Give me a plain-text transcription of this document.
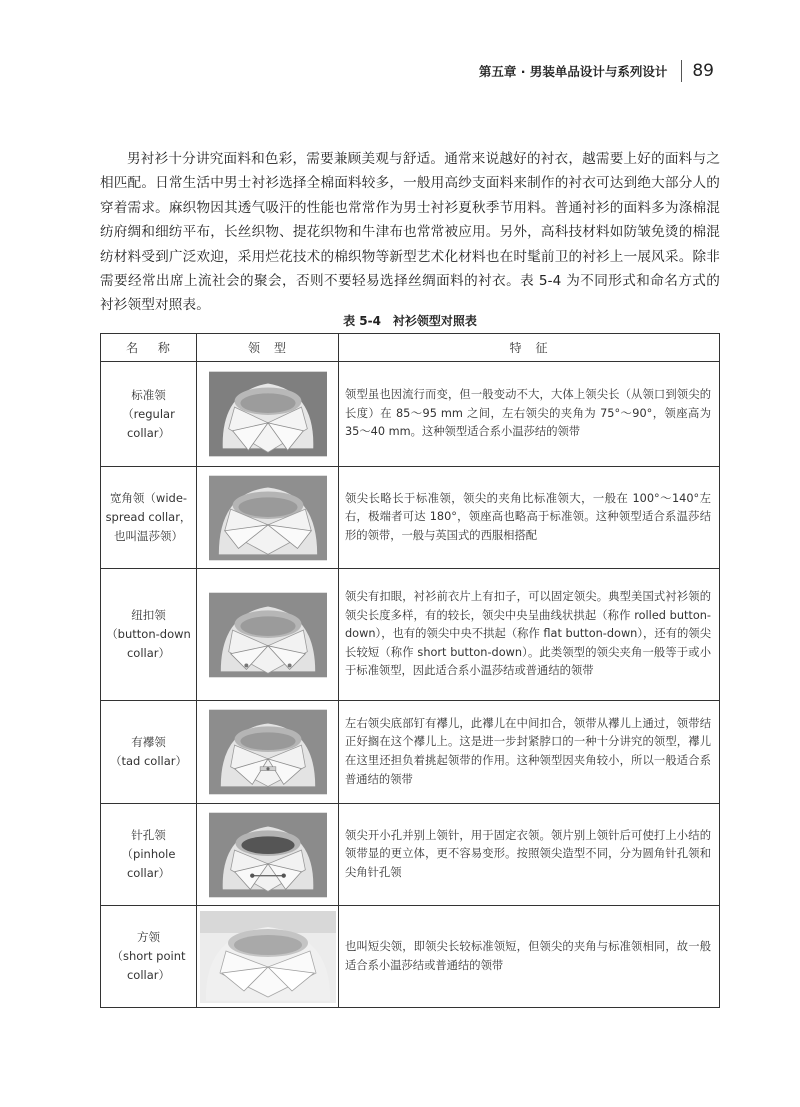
第五章 · 男装单品设计与系列设计 89

男衬衫十分讲究面料和色彩，需要兼顾美观与舒适。通常来说越好的衬衣，越需要上好的面料与之相匹配。日常生活中男士衬衫选择全棉面料较多，一般用高纱支面料来制作的衬衣可达到绝大部分人的穿着需求。麻织物因其透气吸汗的性能也常常作为男士衬衫夏秋季节用料。普通衬衫的面料多为涤棉混纺府绸和细纺平布，长丝织物、提花织物和牛津布也常常被应用。另外，高科技材料如防皱免烫的棉混纺材料受到广泛欢迎，采用烂花技术的棉织物等新型艺术化材料也在时髦前卫的衬衫上一展风采。除非需要经常出席上流社会的聚会，否则不要轻易选择丝绸面料的衬衣。表 5-4 为不同形式和命名方式的衬衫领型对照表。

表 5-4　衬衫领型对照表
名 称	领　型	特　征

标准领
（regular collar）		领型虽也因流行而变，但一般变动不大，大体上领尖长（从领口到领尖的长度）在 85～95 mm 之间，左右领尖的夹角为 75°～90°，领座高为 35～40 mm。这种领型适合系小温莎结的领带

宽角领（wide-spread collar，
也叫温莎领）		领尖长略长于标准领，领尖的夹角比标准领大，一般在 100°～140°左右，极端者可达 180°，领座高也略高于标准领。这种领型适合系温莎结形的领带，一般与英国式的西服相搭配

纽扣领
（button-down collar）		领尖有扣眼，衬衫前衣片上有扣子，可以固定领尖。典型美国式衬衫领的领尖长度多样，有的较长，领尖中央呈曲线状拱起（称作 rolled button-down），也有的领尖中央不拱起（称作 flat button-down），还有的领尖长较短（称作 short button-down）。此类领型的领尖夹角一般等于或小于标准领型，因此适合系小温莎结或普通结的领带

有襻领
（tad collar）		左右领尖底部钉有襻儿，此襻儿在中间扣合，领带从襻儿上通过，领带结正好搁在这个襻儿上。这是进一步封紧脖口的一种十分讲究的领型，襻儿在这里还担负着挑起领带的作用。这种领型因夹角较小，所以一般适合系普通结的领带

针孔领
（pinhole collar）		领尖开小孔并别上领针，用于固定衣领。领片别上领针后可使打上小结的领带显的更立体，更不容易变形。按照领尖造型不同，分为圆角针孔领和尖角针孔领

方领
（short point collar）		也叫短尖领，即领尖长较标准领短，但领尖的夹角与标准领相同，故一般适合系小温莎结或普通结的领带
